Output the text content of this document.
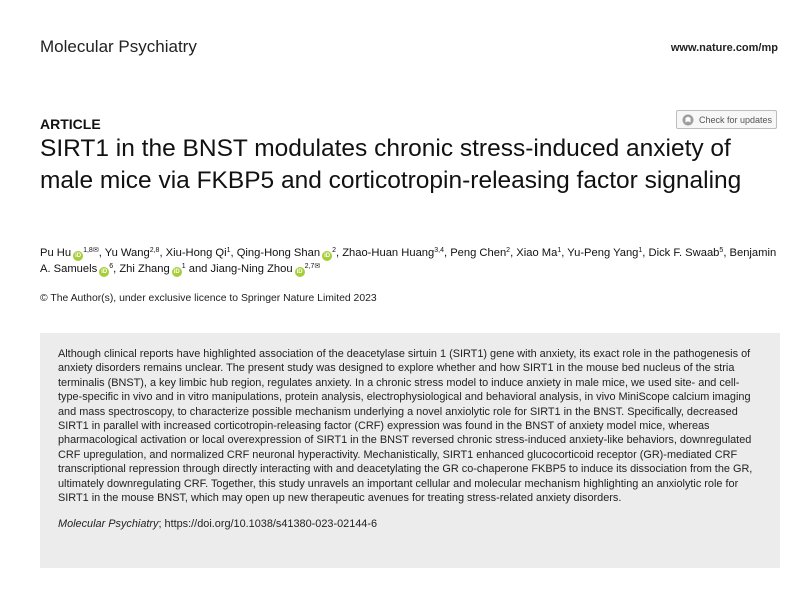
Molecular Psychiatry	www.nature.com/mp
ARTICLE	Check for updates
SIRT1 in the BNST modulates chronic stress-induced anxiety of male mice via FKBP5 and corticotropin-releasing factor signaling
Pu Hu $iD^{1,8✉}$, Yu Wang$^{2,8}$, Xiu-Hong Qi$^1$, Qing-Hong Shan $iD^2$, Zhao-Huan Huang$^{3,4}$, Peng Chen$^2$, Xiao Ma$^1$, Yu-Peng Yang$^1$, Dick F. Swaab$^5$, Benjamin A. Samuels $iD^6$, Zhi Zhang $iD^1$ and Jiang-Ning Zhou $iD^{2,7✉}$
© The Author(s), under exclusive licence to Springer Nature Limited 2023

Although clinical reports have highlighted association of the deacetylase sirtuin 1 (SIRT1) gene with anxiety, its exact role in the pathogenesis of anxiety disorders remains unclear. The present study was designed to explore whether and how SIRT1 in the mouse bed nucleus of the stria terminalis (BNST), a key limbic hub region, regulates anxiety. In a chronic stress model to induce anxiety in male mice, we used site- and cell-type-specific in vivo and in vitro manipulations, protein analysis, electrophysiological and behavioral analysis, in vivo MiniScope calcium imaging and mass spectroscopy, to characterize possible mechanism underlying a novel anxiolytic role for SIRT1 in the BNST. Specifically, decreased SIRT1 in parallel with increased corticotropin-releasing factor (CRF) expression was found in the BNST of anxiety model mice, whereas pharmacological activation or local overexpression of SIRT1 in the BNST reversed chronic stress-induced anxiety-like behaviors, downregulated CRF upregulation, and normalized CRF neuronal hyperactivity. Mechanistically, SIRT1 enhanced glucocorticoid receptor (GR)-mediated CRF transcriptional repression through directly interacting with and deacetylating the GR co-chaperone FKBP5 to induce its dissociation from the GR, ultimately downregulating CRF. Together, this study unravels an important cellular and molecular mechanism highlighting an anxiolytic role for SIRT1 in the mouse BNST, which may open up new therapeutic avenues for treating stress-related anxiety disorders.

Molecular Psychiatry; https://doi.org/10.1038/s41380-023-02144-6
